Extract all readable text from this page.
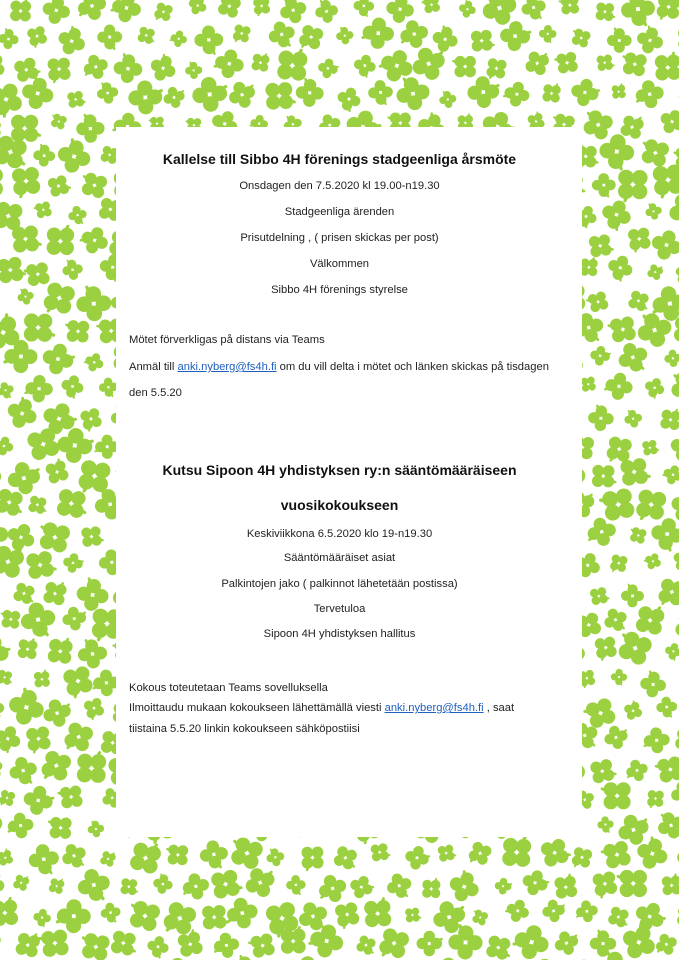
Kallelse till Sibbo 4H förenings stadgeenliga årsmöte
Onsdagen den 7.5.2020 kl 19.00-n19.30
Stadgeenliga ärenden
Prisutdelning , ( prisen skickas per post)
Välkommen
Sibbo 4H förenings styrelse
Mötet förverkligas på distans via Teams
Anmäl till anki.nyberg@fs4h.fi om du vill delta i mötet och länken skickas på tisdagen
den 5.5.20
Kutsu Sipoon 4H yhdistyksen ry:n sääntömääräiseen
vuosikokoukseen
Keskiviikkona 6.5.2020 klo 19-n19.30
Sääntömääräiset asiat
Palkintojen jako ( palkinnot lähetetään postissa)
Tervetuloa
Sipoon 4H yhdistyksen hallitus
Kokous toteutetaan Teams sovelluksella
Ilmoittaudu mukaan kokoukseen lähettämällä viesti anki.nyberg@fs4h.fi , saat
tiistaina 5.5.20 linkin kokoukseen sähköpostiisi
